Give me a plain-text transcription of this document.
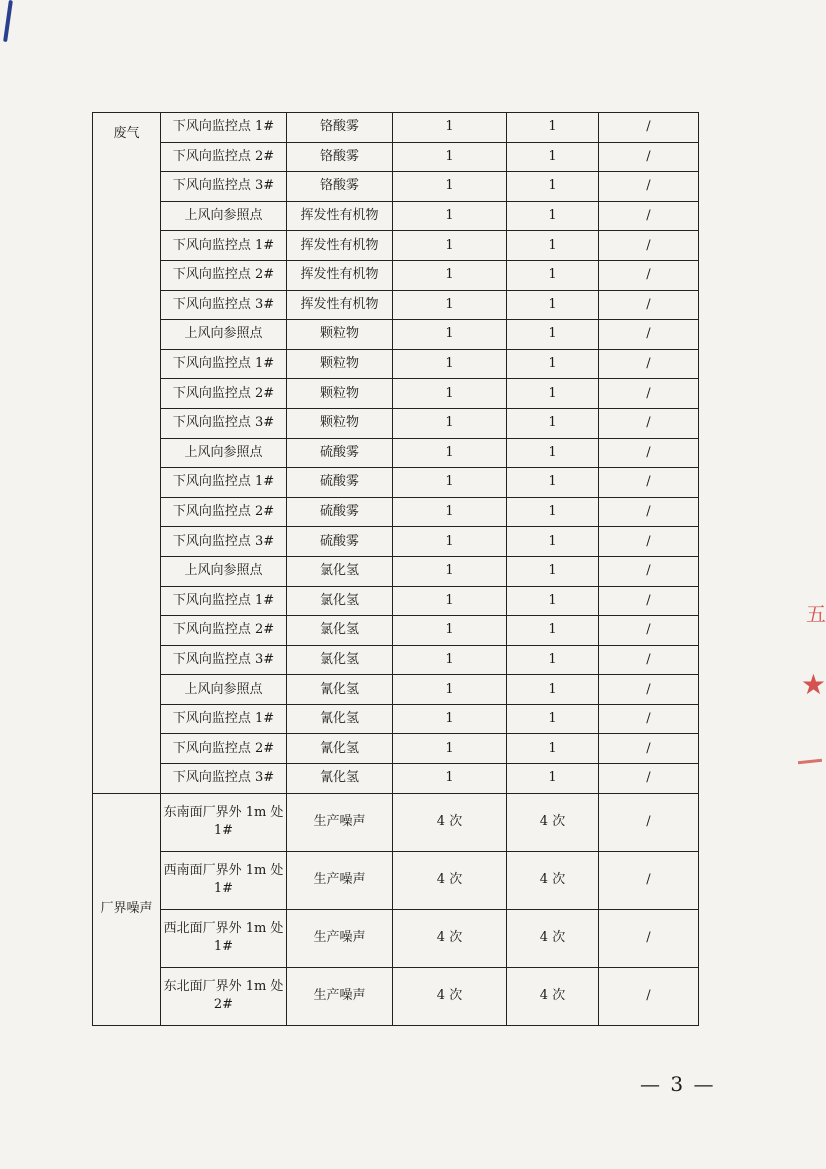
废气	下风向监控点 1#	铬酸雾	1	1	/
	下风向监控点 2#	铬酸雾	1	1	/
	下风向监控点 3#	铬酸雾	1	1	/
	上风向参照点	挥发性有机物	1	1	/
	下风向监控点 1#	挥发性有机物	1	1	/
	下风向监控点 2#	挥发性有机物	1	1	/
	下风向监控点 3#	挥发性有机物	1	1	/
	上风向参照点	颗粒物	1	1	/
	下风向监控点 1#	颗粒物	1	1	/
	下风向监控点 2#	颗粒物	1	1	/
	下风向监控点 3#	颗粒物	1	1	/
	上风向参照点	硫酸雾	1	1	/
	下风向监控点 1#	硫酸雾	1	1	/
	下风向监控点 2#	硫酸雾	1	1	/
	下风向监控点 3#	硫酸雾	1	1	/
	上风向参照点	氯化氢	1	1	/
	下风向监控点 1#	氯化氢	1	1	/
	下风向监控点 2#	氯化氢	1	1	/
	下风向监控点 3#	氯化氢	1	1	/
	上风向参照点	氰化氢	1	1	/
	下风向监控点 1#	氰化氢	1	1	/
	下风向监控点 2#	氰化氢	1	1	/
	下风向监控点 3#	氰化氢	1	1	/
厂界噪声	东南面厂界外 1m 处 1#	生产噪声	4 次	4 次	/
	西南面厂界外 1m 处 1#	生产噪声	4 次	4 次	/
	西北面厂界外 1m 处 1#	生产噪声	4 次	4 次	/
	东北面厂界外 1m 处 2#	生产噪声	4 次	4 次	/
— 3 —
五
★
